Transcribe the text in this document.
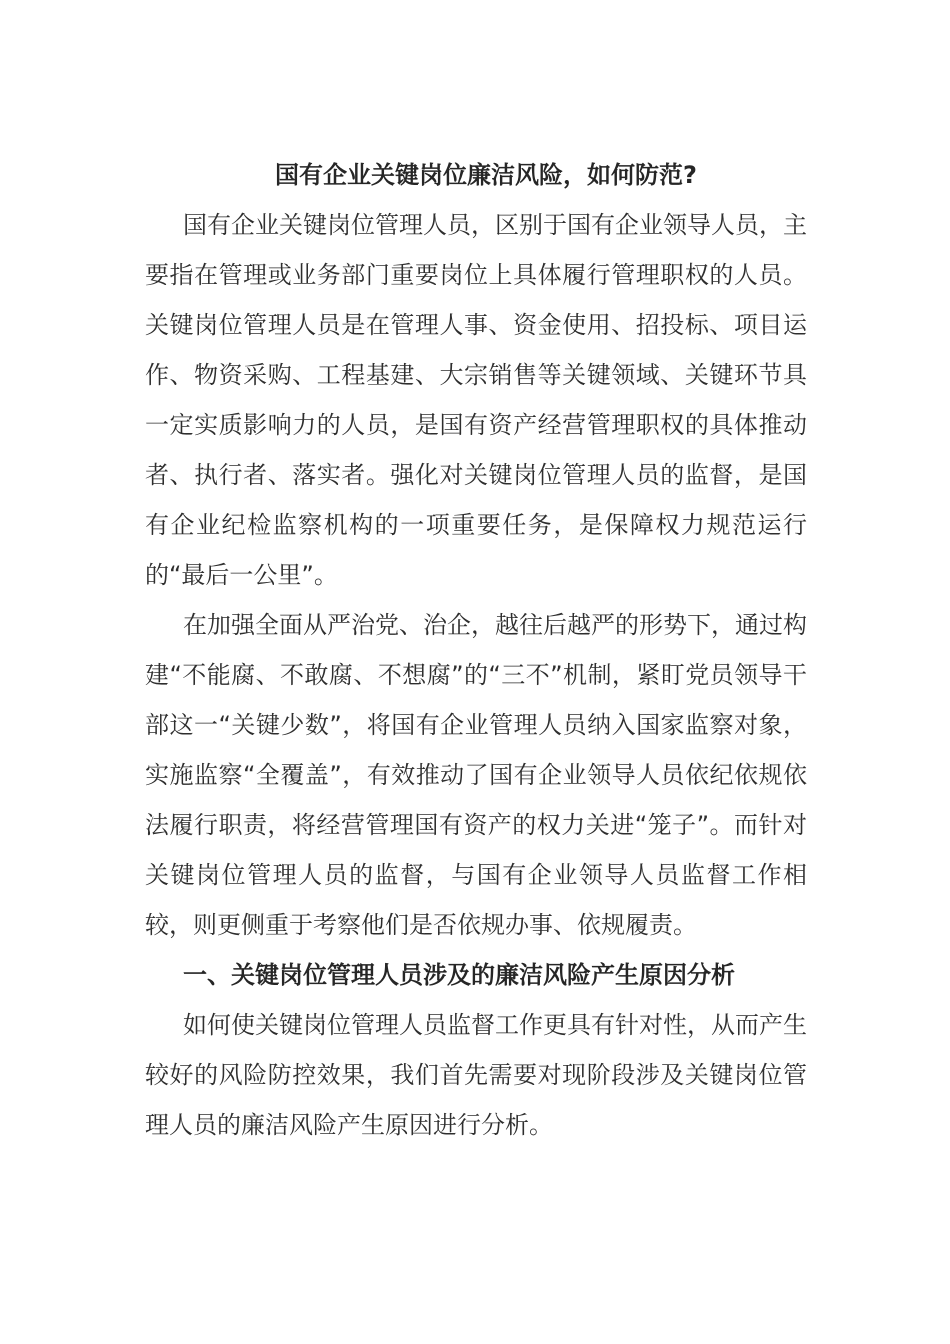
国有企业关键岗位廉洁风险，如何防范?

国有企业关键岗位管理人员，区别于国有企业领导人员，主要指在管理或业务部门重要岗位上具体履行管理职权的人员。关键岗位管理人员是在管理人事、资金使用、招投标、项目运作、物资采购、工程基建、大宗销售等关键领域、关键环节具一定实质影响力的人员，是国有资产经营管理职权的具体推动者、执行者、落实者。强化对关键岗位管理人员的监督，是国有企业纪检监察机构的一项重要任务，是保障权力规范运行的“最后一公里”。

在加强全面从严治党、治企，越往后越严的形势下，通过构建“不能腐、不敢腐、不想腐”的“三不”机制，紧盯党员领导干部这一“关键少数”，将国有企业管理人员纳入国家监察对象，实施监察“全覆盖”，有效推动了国有企业领导人员依纪依规依法履行职责，将经营管理国有资产的权力关进“笼子”。而针对关键岗位管理人员的监督，与国有企业领导人员监督工作相较，则更侧重于考察他们是否依规办事、依规履责。

一、关键岗位管理人员涉及的廉洁风险产生原因分析

如何使关键岗位管理人员监督工作更具有针对性，从而产生较好的风险防控效果，我们首先需要对现阶段涉及关键岗位管理人员的廉洁风险产生原因进行分析。
